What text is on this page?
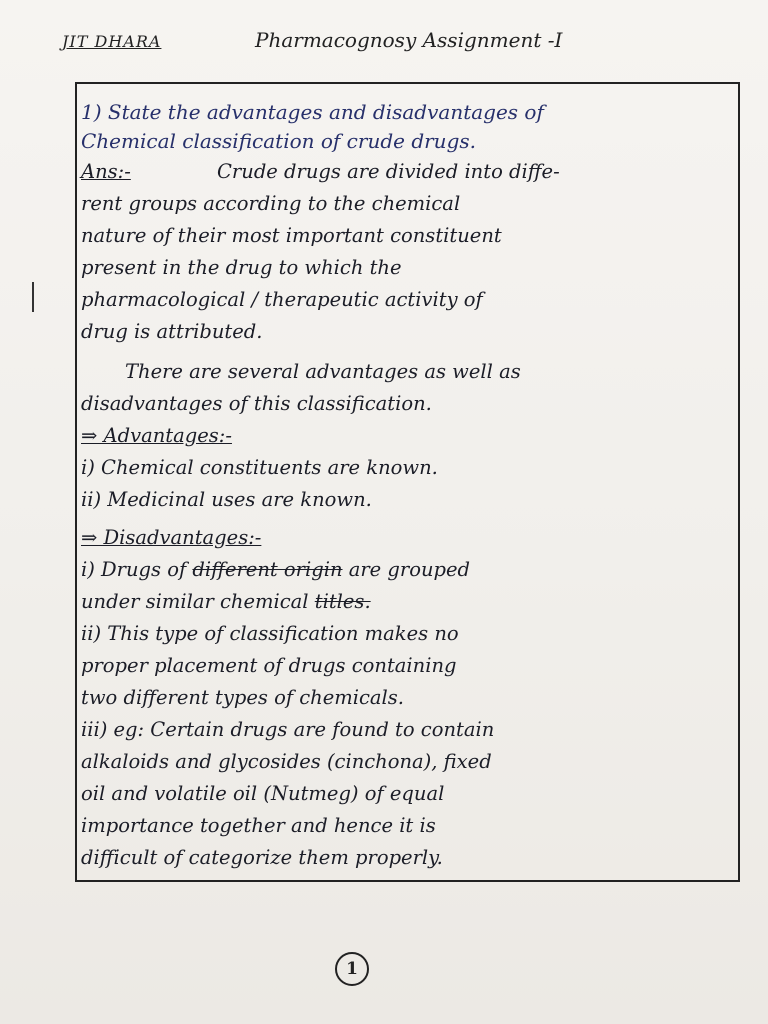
JIT DHARA	Pharmacognosy Assignment -I
1) State the advantages and disadvantages of
Chemical classification of crude drugs.
Ans:-	Crude drugs are divided into diffe-
rent groups according to the chemical
nature of their most important constituent
present in the drug to which the
pharmacological / therapeutic activity of
drug is attributed.
There are several advantages as well as
disadvantages of this classification.
⇒ Advantages:-
i) Chemical constituents are known.
ii) Medicinal uses are known.
⇒ Disadvantages:-
i) Drugs of different origin are grouped
under similar chemical titles.
ii) This type of classification makes no
proper placement of drugs containing
two different types of chemicals.
iii) eg: Certain drugs are found to contain
alkaloids and glycosides (cinchona), fixed
oil and volatile oil (Nutmeg) of equal
importance together and hence it is
difficult of categorize them properly.
1
